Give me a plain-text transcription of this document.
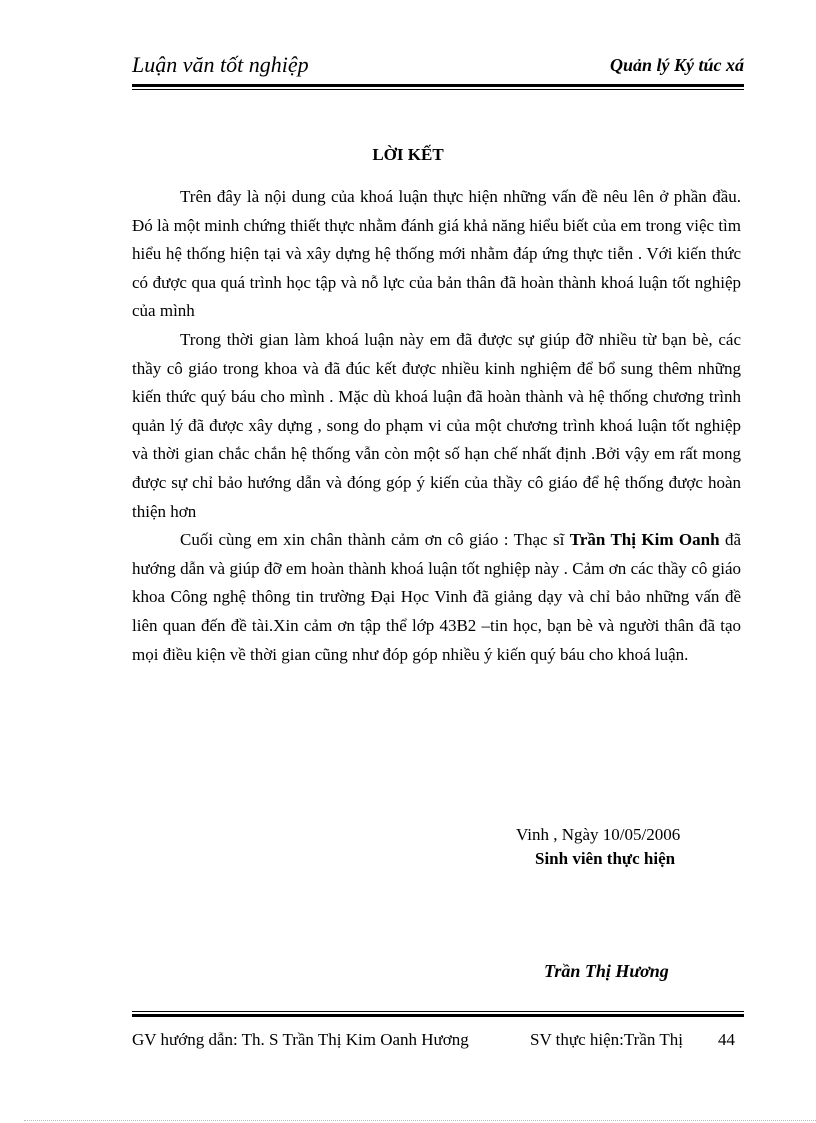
Luận văn tốt nghiệp	Quản lý Ký túc xá
LỜI KẾT

Trên đây là nội dung của khoá luận thực hiện những vấn đề nêu lên ở phần đầu. Đó là một minh chứng thiết thực nhằm đánh giá khả năng hiểu biết của em trong việc tìm hiểu hệ thống hiện tại và xây dựng hệ thống mới nhằm đáp ứng thực tiễn . Với kiến thức có được qua quá trình học tập và nỗ lực của bản thân đã hoàn thành khoá luận tốt nghiệp của mình

Trong thời gian làm khoá luận này em đã được sự giúp đỡ nhiều từ bạn bè, các thầy cô giáo trong khoa và đã đúc kết được nhiều kinh nghiệm để bổ sung thêm những kiến thức quý báu cho mình . Mặc dù khoá luận đã hoàn thành và hệ thống chương trình quản lý đã được xây dựng , song do phạm vi của một chương trình khoá luận tốt nghiệp và thời gian chắc chắn hệ thống vẫn còn một số hạn chế nhất định .Bởi vậy em rất mong được sự chỉ bảo hướng dẫn và đóng góp ý kiến của thầy cô giáo để hệ thống được hoàn thiện hơn

Cuối cùng em xin chân thành cảm ơn cô giáo : Thạc sĩ Trần Thị Kim Oanh đã hướng dẫn và giúp đỡ em hoàn thành khoá luận tốt nghiệp này . Cảm ơn các thầy cô giáo khoa Công nghệ thông tin trường Đại Học Vinh đã giảng dạy và chỉ bảo những vấn đề liên quan đến đề tài.Xin cảm ơn tập thể lớp 43B2 –tin học, bạn bè và người thân đã tạo mọi điều kiện về thời gian cũng như đóp góp nhiều ý kiến quý báu cho khoá luận.

Vinh , Ngày 10/05/2006
Sinh viên thực hiện
Trần Thị Hương
GV hướng dẫn: Th. S Trần Thị Kim Oanh Hương	SV thực hiện:Trần Thị 44
